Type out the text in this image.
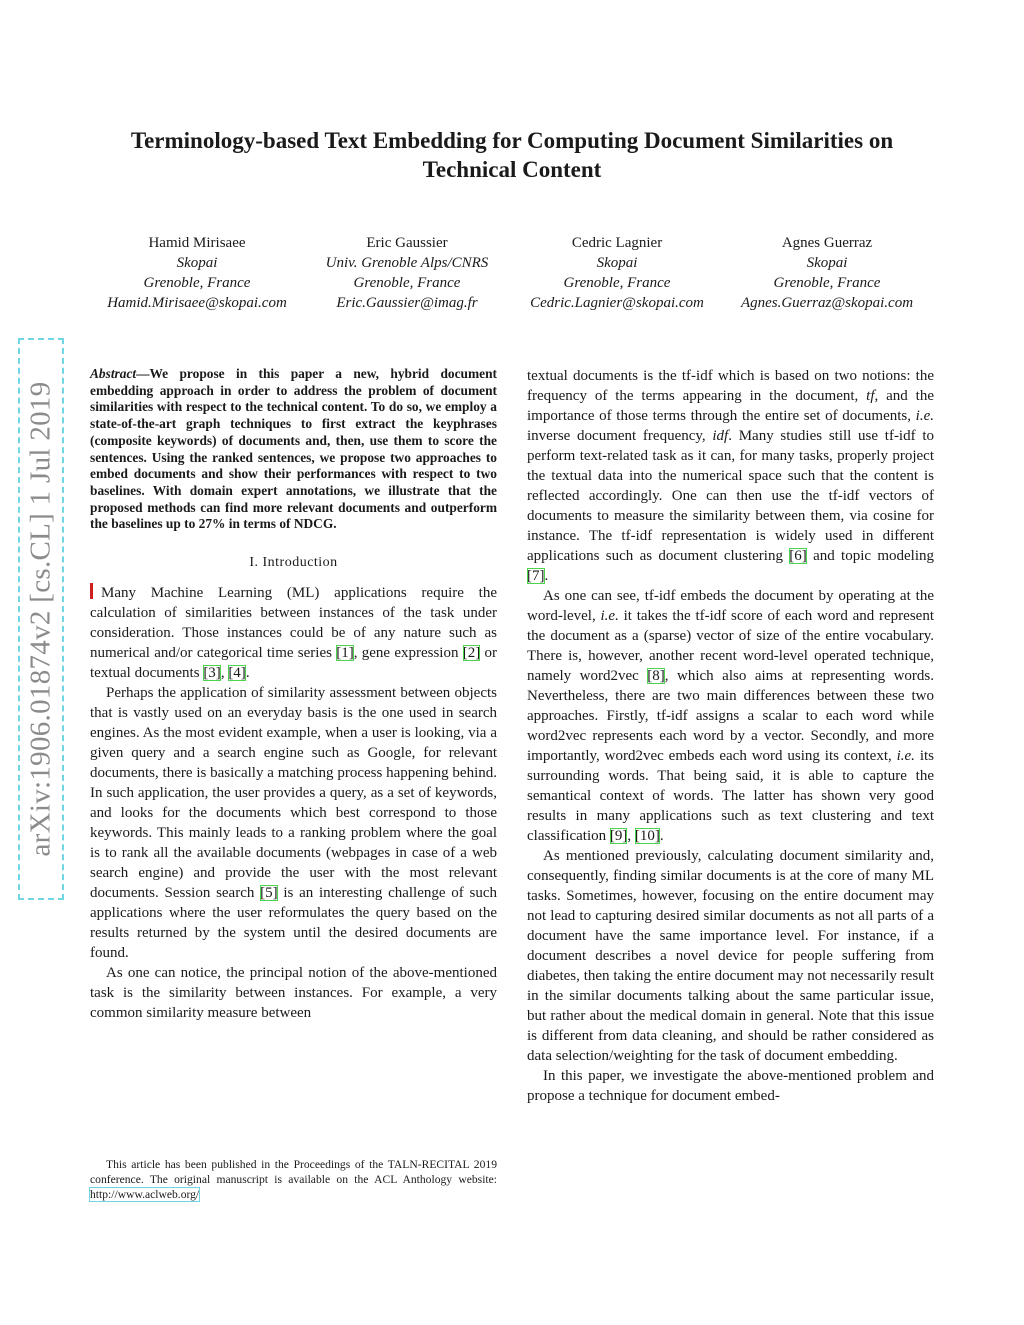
arXiv:1906.01874v2 [cs.CL] 1 Jul 2019
Terminology-based Text Embedding for Computing Document Similarities on Technical Content
Hamid Mirisaee
Skopai
Grenoble, France
Hamid.Mirisaee@skopai.com
Eric Gaussier
Univ. Grenoble Alps/CNRS
Grenoble, France
Eric.Gaussier@imag.fr
Cedric Lagnier
Skopai
Grenoble, France
Cedric.Lagnier@skopai.com
Agnes Guerraz
Skopai
Grenoble, France
Agnes.Guerraz@skopai.com
Abstract—We propose in this paper a new, hybrid document embedding approach in order to address the problem of document similarities with respect to the technical content. To do so, we employ a state-of-the-art graph techniques to first extract the keyphrases (composite keywords) of documents and, then, use them to score the sentences. Using the ranked sentences, we propose two approaches to embed documents and show their performances with respect to two baselines. With domain expert annotations, we illustrate that the proposed methods can find more relevant documents and outperform the baselines up to 27% in terms of NDCG.
I. Introduction

Many Machine Learning (ML) applications require the calculation of similarities between instances of the task under consideration. Those instances could be of any nature such as numerical and/or categorical time series [1], gene expression [2] or textual documents [3], [4].

Perhaps the application of similarity assessment between objects that is vastly used on an everyday basis is the one used in search engines. As the most evident example, when a user is looking, via a given query and a search engine such as Google, for relevant documents, there is basically a matching process happening behind. In such application, the user provides a query, as a set of keywords, and looks for the documents which best correspond to those keywords. This mainly leads to a ranking problem where the goal is to rank all the available documents (webpages in case of a web search engine) and provide the user with the most relevant documents. Session search [5] is an interesting challenge of such applications where the user reformulates the query based on the results returned by the system until the desired documents are found.

As one can notice, the principal notion of the above-mentioned task is the similarity between instances. For example, a very common similarity measure between

This article has been published in the Proceedings of the TALN-RECITAL 2019 conference. The original manuscript is available on the ACL Anthology website: http://www.aclweb.org/

textual documents is the tf-idf which is based on two notions: the frequency of the terms appearing in the document, tf, and the importance of those terms through the entire set of documents, i.e. inverse document frequency, idf. Many studies still use tf-idf to perform text-related task as it can, for many tasks, properly project the textual data into the numerical space such that the content is reflected accordingly. One can then use the tf-idf vectors of documents to measure the similarity between them, via cosine for instance. The tf-idf representation is widely used in different applications such as document clustering [6] and topic modeling [7].

As one can see, tf-idf embeds the document by operating at the word-level, i.e. it takes the tf-idf score of each word and represent the document as a (sparse) vector of size of the entire vocabulary. There is, however, another recent word-level operated technique, namely word2vec [8], which also aims at representing words. Nevertheless, there are two main differences between these two approaches. Firstly, tf-idf assigns a scalar to each word while word2vec represents each word by a vector. Secondly, and more importantly, word2vec embeds each word using its context, i.e. its surrounding words. That being said, it is able to capture the semantical context of words. The latter has shown very good results in many applications such as text clustering and text classification [9], [10].

As mentioned previously, calculating document similarity and, consequently, finding similar documents is at the core of many ML tasks. Sometimes, however, focusing on the entire document may not lead to capturing desired similar documents as not all parts of a document have the same importance level. For instance, if a document describes a novel device for people suffering from diabetes, then taking the entire document may not necessarily result in the similar documents talking about the same particular issue, but rather about the medical domain in general. Note that this issue is different from data cleaning, and should be rather considered as data selection/weighting for the task of document embedding.

In this paper, we investigate the above-mentioned problem and propose a technique for document embed-
